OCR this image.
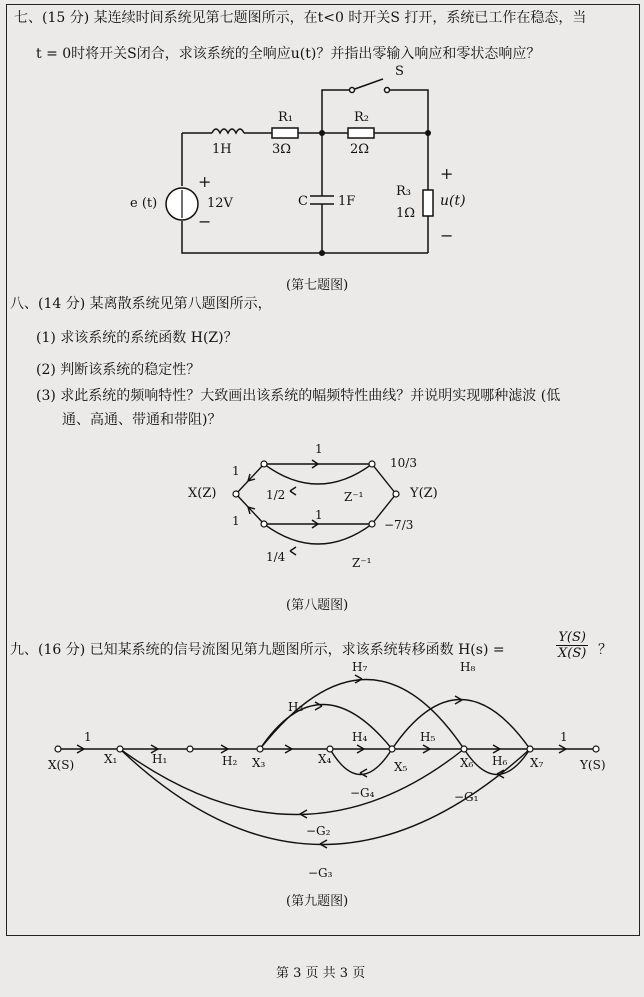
七、(15 分) 某连续时间系统见第七题图所示，在t<0 时开关S 打开，系统已工作在稳态，当
t = 0时将开关S闭合，求该系统的全响应u(t)？并指出零输入响应和零状态响应？
S
1H
R₁
3Ω
R₂
2Ω
e (t)
+
12V
−
C 1F
R₃
1Ω
+
u(t)
−
(第七题图)
八、(14 分) 某离散系统见第八题图所示，
(1) 求该系统的系统函数 H(Z)？
(2) 判断该系统的稳定性？
(3) 求此系统的频响特性？大致画出该系统的幅频特性曲线？并说明实现哪种滤波 (低
通、高通、带通和带阻)？
X(Z)	Y(Z)
1
1
1	1
1/2
1/4
Z⁻¹
Z⁻¹
10/3
−7/3
(第八题图)
九、(16 分) 已知某系统的信号流图见第九题图所示，求该系统转移函数 H(s) =	$\frac{Y(S)}{X(S)}$ ？
X(S)	Y(S)
1	1
X₁	X₃	X₄
X₅	X₆	X₇
H₁	H₂
H₃
H₄	H₅
H₆
H₇	H₈
−G₁
−G₂
−G₃
−G₄
(第九题图)
第 3 页 共 3 页
